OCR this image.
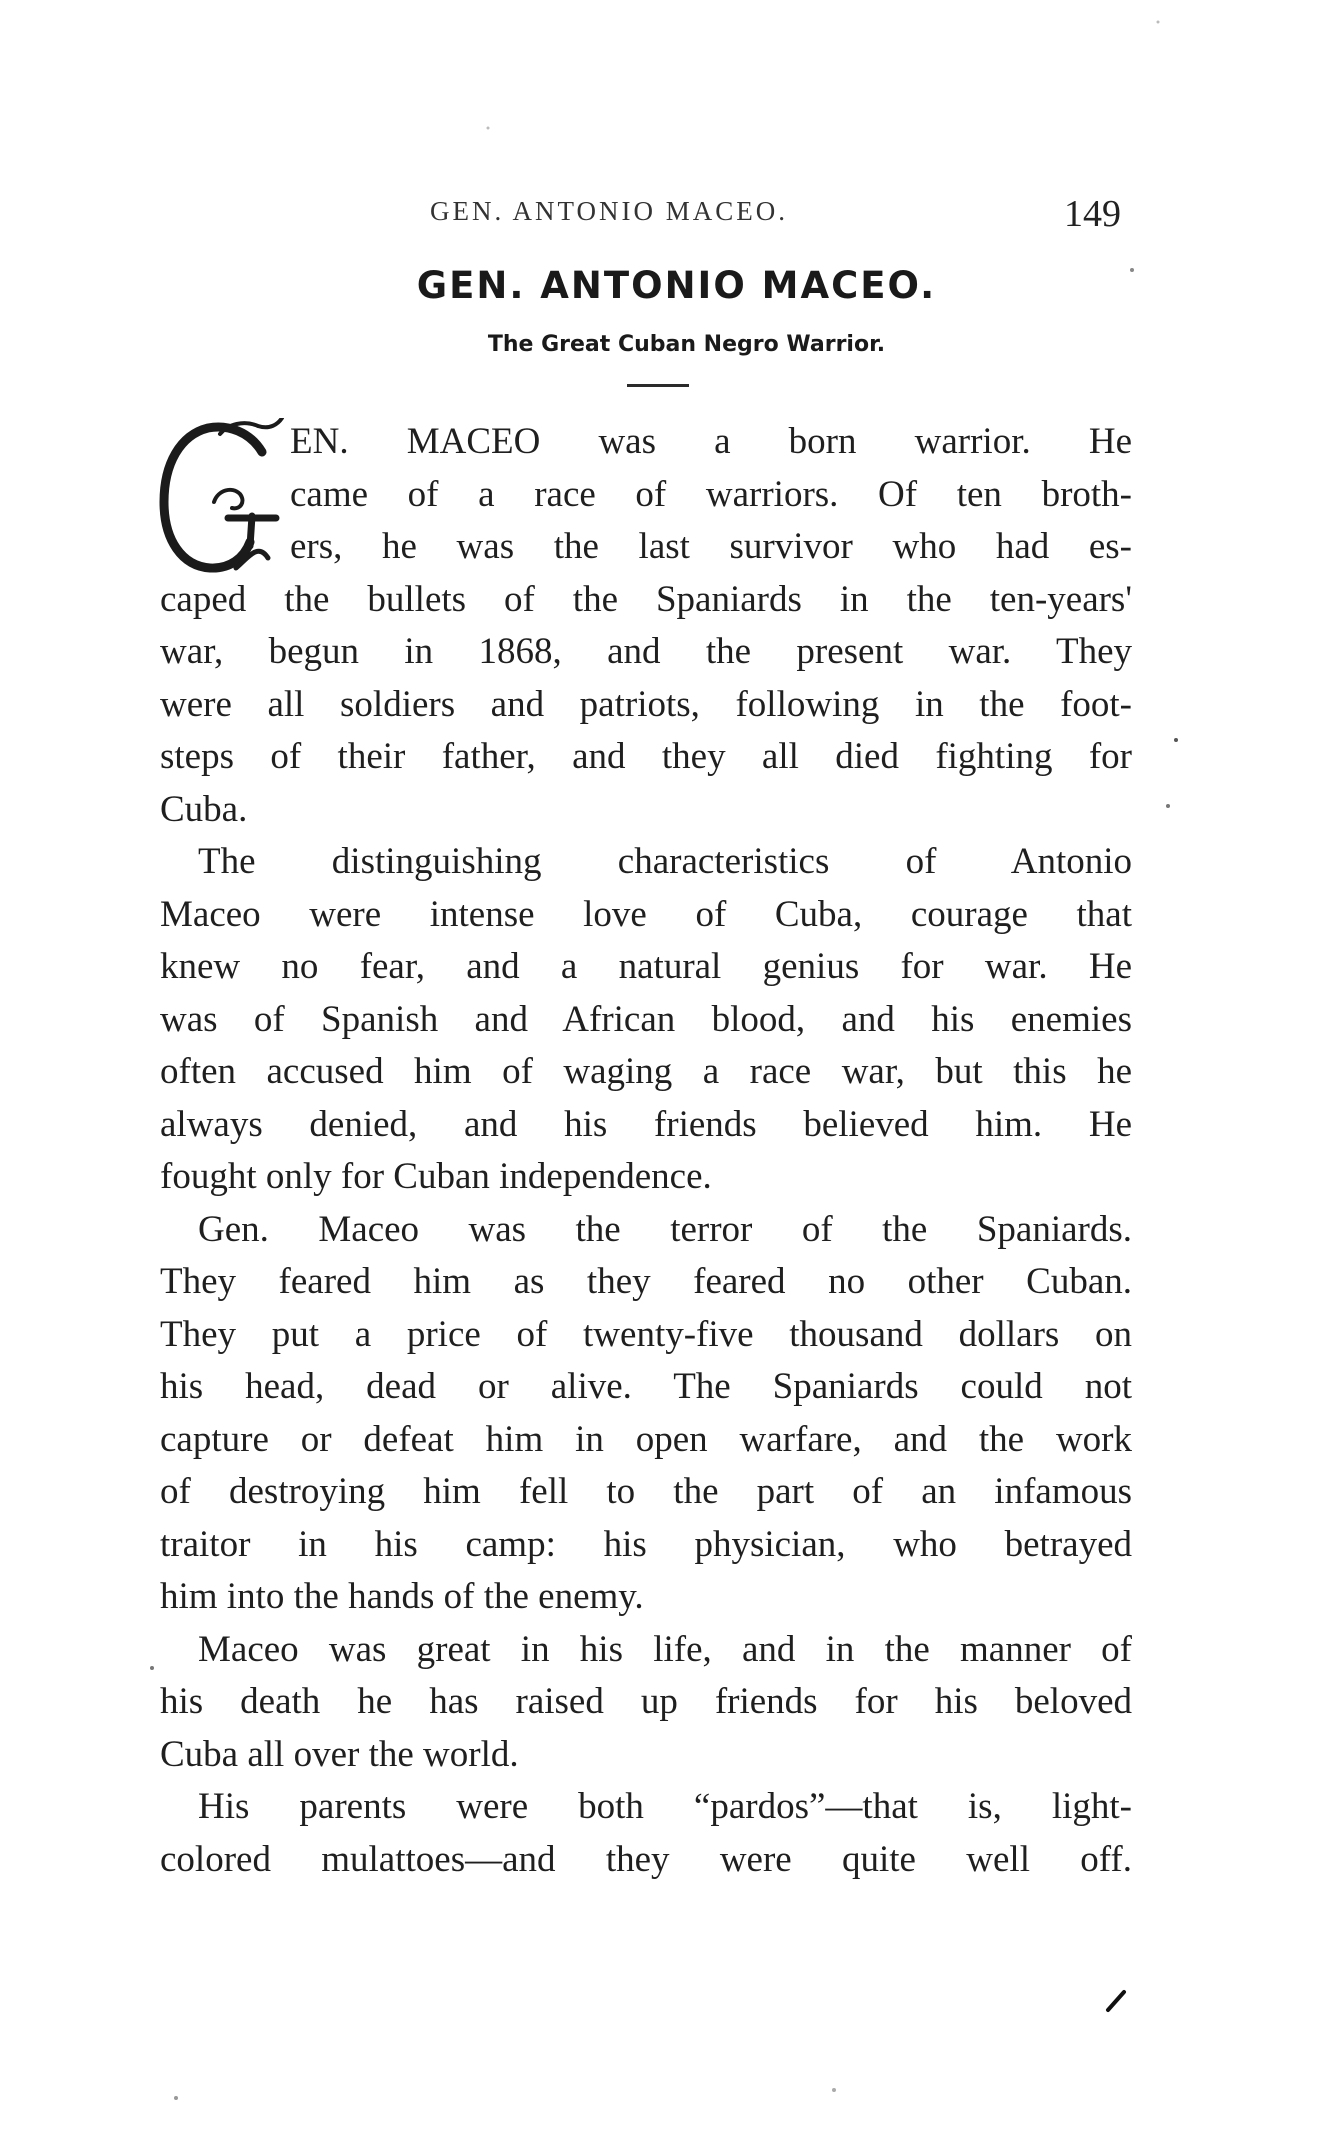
GEN. ANTONIO MACEO.	149
GEN. ANTONIO MACEO.
The Great Cuban Negro Warrior.
EN. MACEO was a born warrior. He
came of a race of warriors. Of ten broth-
ers, he was the last survivor who had es-
caped the bullets of the Spaniards in the ten-years'
war, begun in 1868, and the present war. They
were all soldiers and patriots, following in the foot-
steps of their father, and they all died fighting for
Cuba.
The distinguishing characteristics of Antonio
Maceo were intense love of Cuba, courage that
knew no fear, and a natural genius for war. He
was of Spanish and African blood, and his enemies
often accused him of waging a race war, but this he
always denied, and his friends believed him. He
fought only for Cuban independence.
Gen. Maceo was the terror of the Spaniards.
They feared him as they feared no other Cuban.
They put a price of twenty-five thousand dollars on
his head, dead or alive. The Spaniards could not
capture or defeat him in open warfare, and the work
of destroying him fell to the part of an infamous
traitor in his camp: his physician, who betrayed
him into the hands of the enemy.
Maceo was great in his life, and in the manner of
his death he has raised up friends for his beloved
Cuba all over the world.
His parents were both “pardos”—that is, light-
colored mulattoes—and they were quite well off.
